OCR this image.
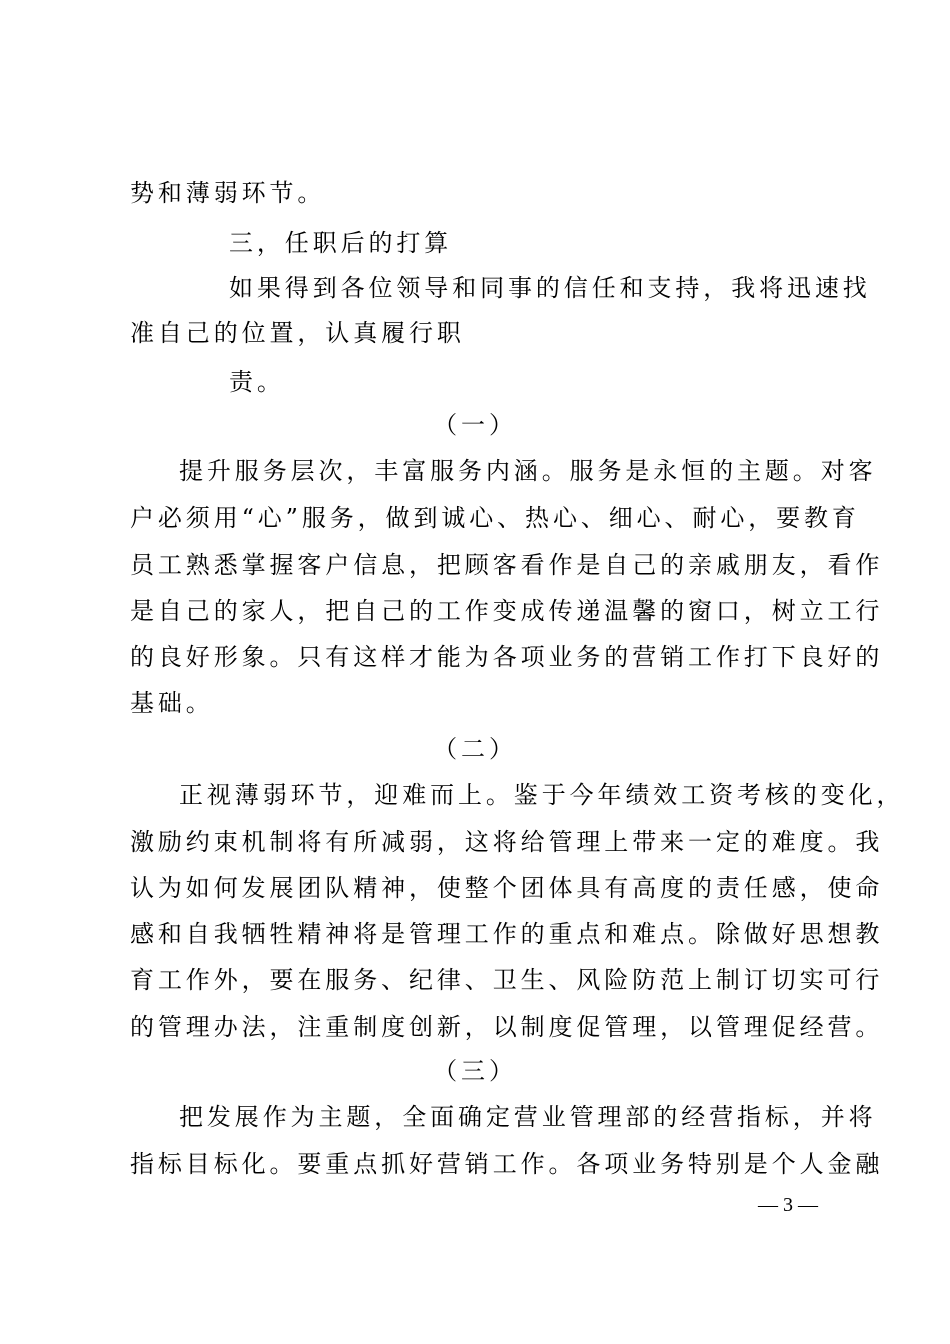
势和薄弱环节。

三，任职后的打算

如果得到各位领导和同事的信任和支持，我将迅速找

准自己的位置，认真履行职

责。

（一）

提升服务层次，丰富服务内涵。服务是永恒的主题。对客

户必须用“心”服务，做到诚心、热心、细心、耐心，要教育

员工熟悉掌握客户信息，把顾客看作是自己的亲戚朋友，看作

是自己的家人，把自己的工作变成传递温馨的窗口，树立工行

的良好形象。只有这样才能为各项业务的营销工作打下良好的

基础。

（二）

正视薄弱环节，迎难而上。鉴于今年绩效工资考核的变化，

激励约束机制将有所减弱，这将给管理上带来一定的难度。我

认为如何发展团队精神，使整个团体具有高度的责任感，使命

感和自我牺牲精神将是管理工作的重点和难点。除做好思想教

育工作外，要在服务、纪律、卫生、风险防范上制订切实可行

的管理办法，注重制度创新，以制度促管理，以管理促经营。

（三）

把发展作为主题，全面确定营业管理部的经营指标，并将

指标目标化。要重点抓好营销工作。各项业务特别是个人金融

— 3 —
